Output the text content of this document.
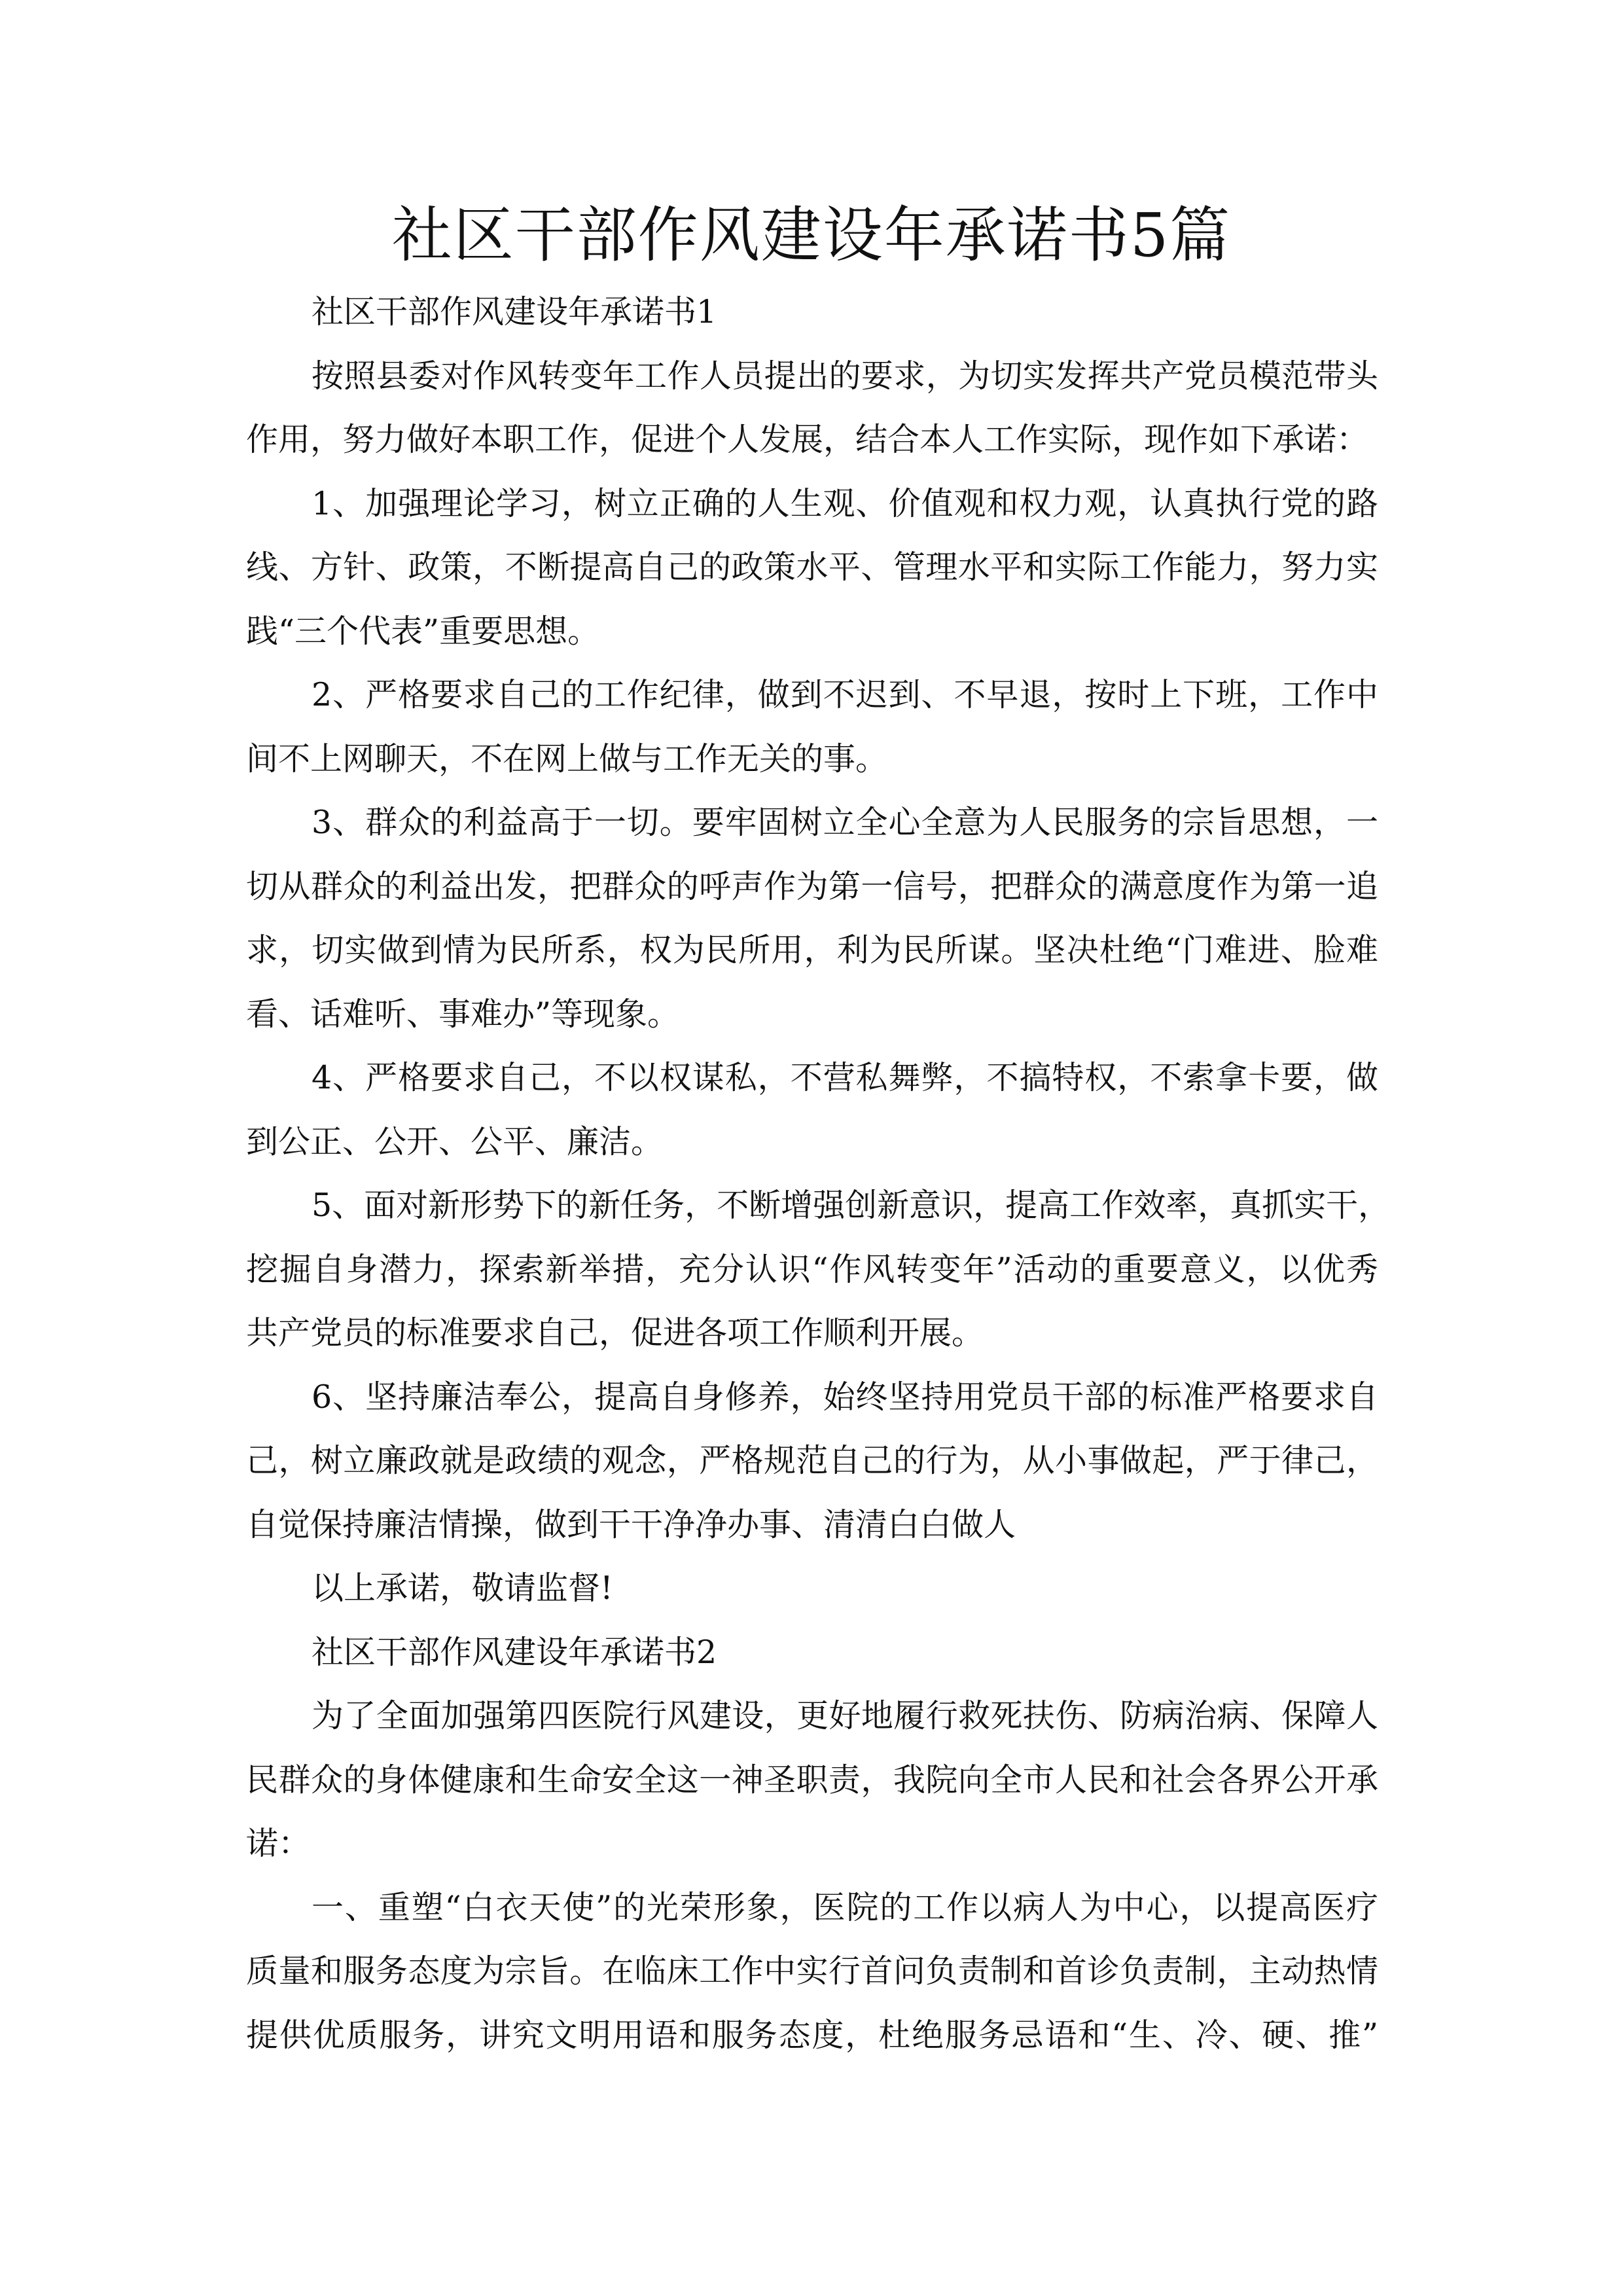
社区干部作风建设年承诺书5篇
社区干部作风建设年承诺书1
按照县委对作风转变年工作人员提出的要求，为切实发挥共产党员模范带头
作用，努力做好本职工作，促进个人发展，结合本人工作实际，现作如下承诺：
1、加强理论学习，树立正确的人生观、价值观和权力观，认真执行党的路
线、方针、政策，不断提高自己的政策水平、管理水平和实际工作能力，努力实
践“三个代表”重要思想。
2、严格要求自己的工作纪律，做到不迟到、不早退，按时上下班，工作中
间不上网聊天，不在网上做与工作无关的事。
3、群众的利益高于一切。要牢固树立全心全意为人民服务的宗旨思想，一
切从群众的利益出发，把群众的呼声作为第一信号，把群众的满意度作为第一追
求，切实做到情为民所系，权为民所用，利为民所谋。坚决杜绝“门难进、脸难
看、话难听、事难办”等现象。
4、严格要求自己，不以权谋私，不营私舞弊，不搞特权，不索拿卡要，做
到公正、公开、公平、廉洁。
5、面对新形势下的新任务，不断增强创新意识，提高工作效率，真抓实干，
挖掘自身潜力，探索新举措，充分认识“作风转变年”活动的重要意义，以优秀
共产党员的标准要求自己，促进各项工作顺利开展。
6、坚持廉洁奉公，提高自身修养，始终坚持用党员干部的标准严格要求自
己，树立廉政就是政绩的观念，严格规范自己的行为，从小事做起，严于律己，
自觉保持廉洁情操，做到干干净净办事、清清白白做人
以上承诺，敬请监督!
社区干部作风建设年承诺书2
为了全面加强第四医院行风建设，更好地履行救死扶伤、防病治病、保障人
民群众的身体健康和生命安全这一神圣职责，我院向全市人民和社会各界公开承
诺：
一、重塑“白衣天使”的光荣形象，医院的工作以病人为中心，以提高医疗
质量和服务态度为宗旨。在临床工作中实行首问负责制和首诊负责制，主动热情
提供优质服务，讲究文明用语和服务态度，杜绝服务忌语和“生、冷、硬、推”
